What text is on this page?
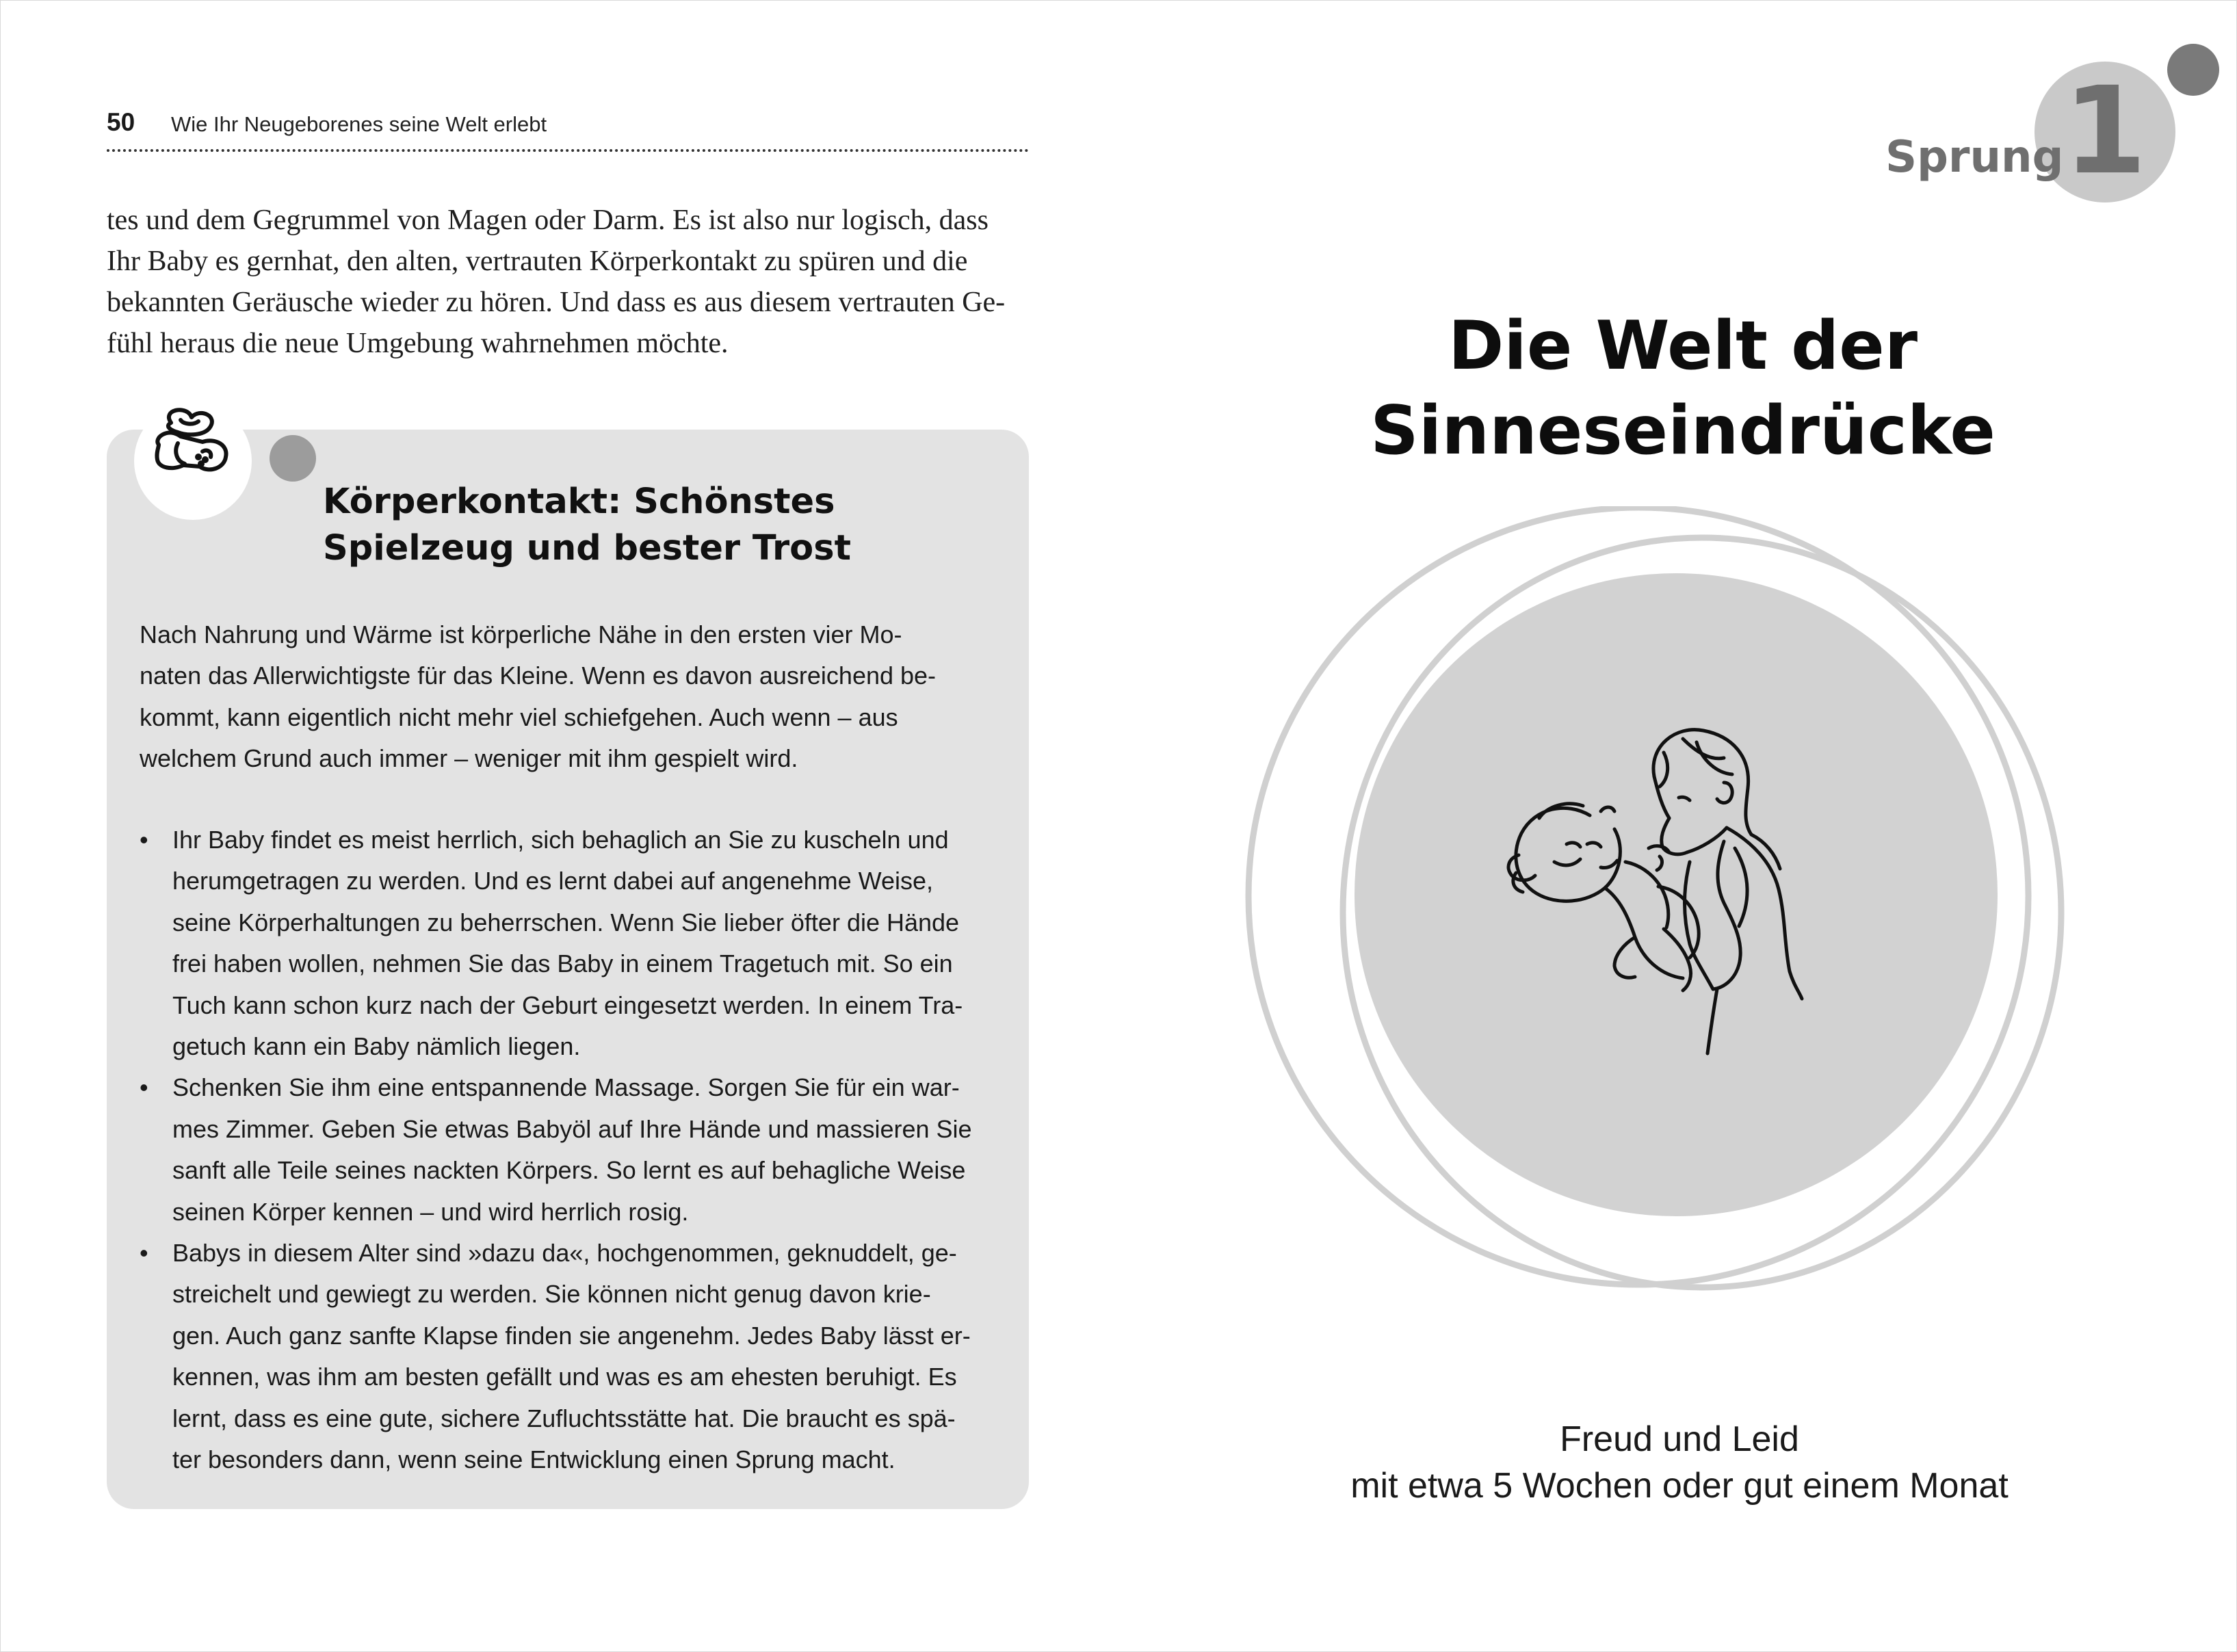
50 Wie Ihr Neugeborenes seine Welt erlebt
tes und dem Gegrummel von Magen oder Darm. Es ist also nur logisch, dass
Ihr Baby es gernhat, den alten, vertrauten Körperkontakt zu spüren und die
bekannten Geräusche wieder zu hören. Und dass es aus diesem vertrauten Ge-
fühl heraus die neue Umgebung wahrnehmen möchte.
Körperkontakt: Schönstes
Spielzeug und bester Trost
Nach Nahrung und Wärme ist körperliche Nähe in den ersten vier Mo-
naten das Allerwichtigste für das Kleine. Wenn es davon ausreichend be-
kommt, kann eigentlich nicht mehr viel schiefgehen. Auch wenn – aus
welchem Grund auch immer – weniger mit ihm gespielt wird.
• Ihr Baby findet es meist herrlich, sich behaglich an Sie zu kuscheln und
herumgetragen zu werden. Und es lernt dabei auf angenehme Weise,
seine Körperhaltungen zu beherrschen. Wenn Sie lieber öfter die Hände
frei haben wollen, nehmen Sie das Baby in einem Tragetuch mit. So ein
Tuch kann schon kurz nach der Geburt eingesetzt werden. In einem Tra-
getuch kann ein Baby nämlich liegen.
• Schenken Sie ihm eine entspannende Massage. Sorgen Sie für ein war-
mes Zimmer. Geben Sie etwas Babyöl auf Ihre Hände und massieren Sie
sanft alle Teile seines nackten Körpers. So lernt es auf behagliche Weise
seinen Körper kennen – und wird herrlich rosig.
• Babys in diesem Alter sind »dazu da«, hochgenommen, geknuddelt, ge-
streichelt und gewiegt zu werden. Sie können nicht genug davon krie-
gen. Auch ganz sanfte Klapse finden sie angenehm. Jedes Baby lässt er-
kennen, was ihm am besten gefällt und was es am ehesten beruhigt. Es
lernt, dass es eine gute, sichere Zufluchtsstätte hat. Die braucht es spä-
ter besonders dann, wenn seine Entwicklung einen Sprung macht.
1
Sprung
Die Welt der
Sinneseindrücke
Freud und Leid
mit etwa 5 Wochen oder gut einem Monat
